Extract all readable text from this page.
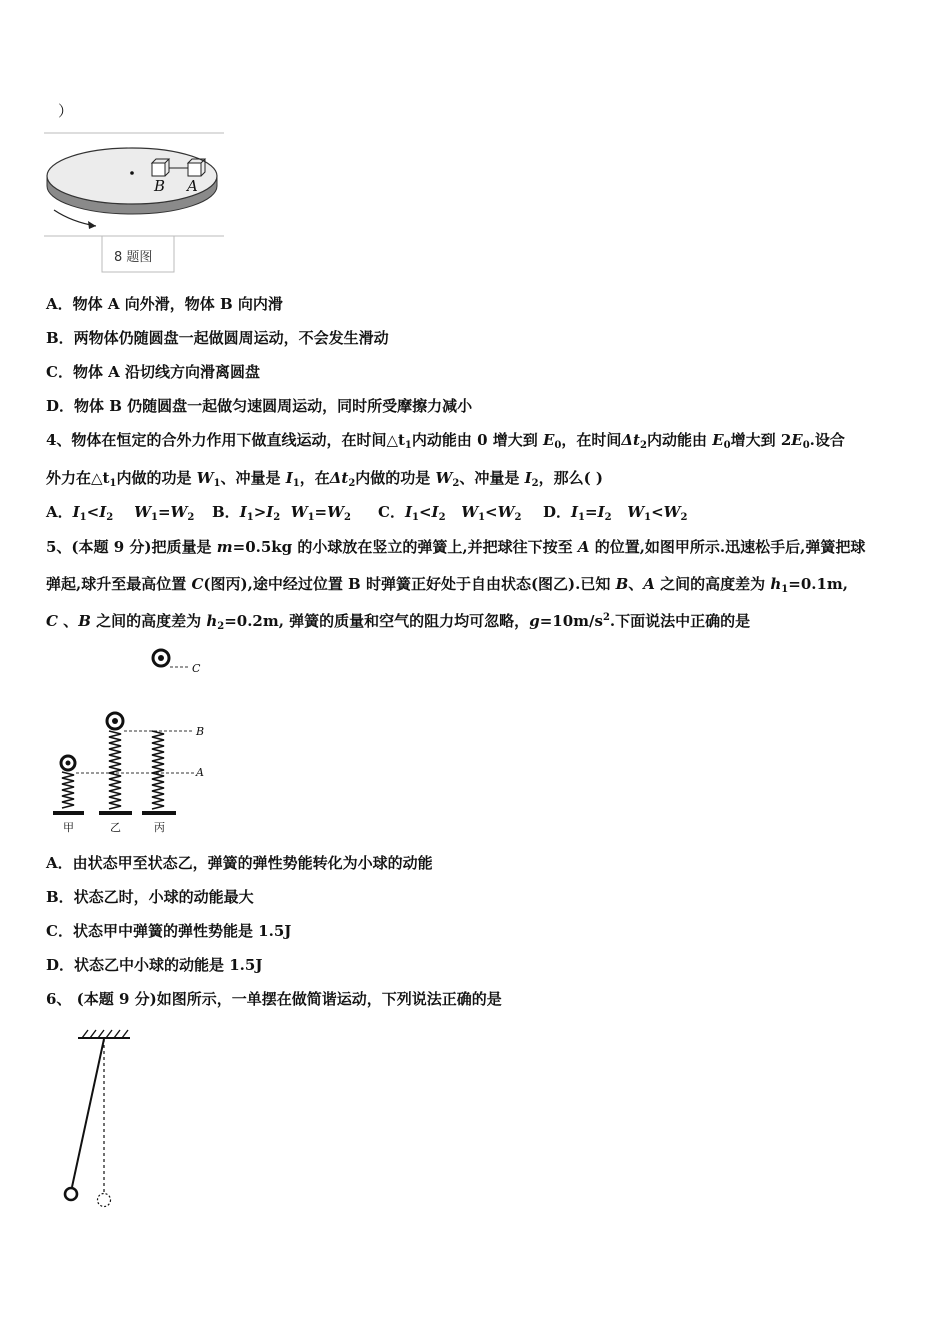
）
B A
8 题图
A．物体 A 向外滑，物体 B 向内滑
B．两物体仍随圆盘一起做圆周运动，不会发生滑动
C．物体 A 沿切线方向滑离圆盘
D．物体 B 仍随圆盘一起做匀速圆周运动，同时所受摩擦力减小
4、物体在恒定的合外力作用下做直线运动，在时间$\triangle t_1$内动能由 0 增大到 $E_0$，在时间$\Delta t_2$内动能由 $E_0$增大到 $2E_0$.设合
外力在$\triangle t_1$内做的功是 $W_1$、冲量是 $I_1$，在$\Delta t_2$内做的功是 $W_2$、冲量是 $I_2$，那么( )
A．$I_1<I_2$ $W_1=W_2$ B．$I_1>I_2$ $W_1=W_2$ C．$I_1<I_2$ $W_1<W_2$ D．$I_1=I_2$ $W_1<W_2$
5、(本题 9 分)把质量是 m=0.5kg 的小球放在竖立的弹簧上,并把球往下按至 A 的位置,如图甲所示.迅速松手后,弹簧把球
弹起,球升至最高位置 C(图丙),途中经过位置 B 时弹簧正好处于自由状态(图乙).已知 B、A 之间的高度差为 $h_1=0.1m$,
C 、B 之间的高度差为 $h_2=0.2m$, 弹簧的质量和空气的阻力均可忽略，$g=10m/s^2$.下面说法中正确的是
C
B
A
甲	乙	丙
A．由状态甲至状态乙，弹簧的弹性势能转化为小球的动能
B．状态乙时，小球的动能最大
C．状态甲中弹簧的弹性势能是 1.5J
D．状态乙中小球的动能是 1.5J
6、 (本题 9 分)如图所示，一单摆在做简谐运动，下列说法正确的是
